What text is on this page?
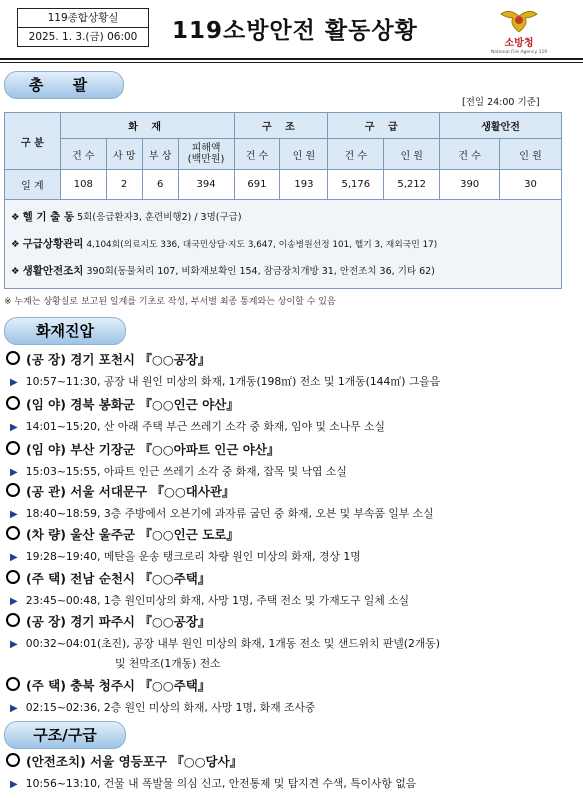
119종합상황실
2025. 1. 3.(금) 06:00	119소방안전 활동상황	소방청
National Fire Agency 119
총 괄
[전일 24:00 기준]
구 분	화 재				구 조		구 급		생활안전	
	건 수	사 망	부 상	피해액
(백만원)	건 수	인 원	건 수	인 원	건 수	인 원
일 계	108	2	6	394	691	193	5,176	5,212	390	30
❖ 헬 기 출 동 5회(응급환자3, 훈련비행2) / 3명(구급)
❖ 구급상황관리 4,104회(의료지도 336, 대국민상담·지도 3,647, 이송병원선정 101, 헬기 3, 재외국민 17)
❖ 생활안전조치 390회(동물처리 107, 비화재보확인 154, 잠금장치개방 31, 안전조치 36, 기타 62)
※ 누계는 상황실로 보고된 일계를 기초로 작성, 부서별 최종 통계와는 상이할 수 있음
화재진압
(공 장) 경기 포천시 『○○공장』
▶ 10:57~11:30, 공장 내 원인 미상의 화재, 1개동(198㎡) 전소 및 1개동(144㎡) 그을음
(임 야) 경북 봉화군 『○○인근 야산』
▶ 14:01~15:20, 산 아래 주택 부근 쓰레기 소각 중 화재, 임야 및 소나무 소실
(임 야) 부산 기장군 『○○아파트 인근 야산』
▶ 15:03~15:55, 아파트 인근 쓰레기 소각 중 화재, 잡목 및 낙엽 소실
(공 관) 서울 서대문구 『○○대사관』
▶ 18:40~18:59, 3층 주방에서 오븐기에 과자류 굽던 중 화재, 오븐 및 부속품 일부 소실
(차 량) 울산 울주군 『○○인근 도로』
▶ 19:28~19:40, 메탄올 운송 탱크로리 차량 원인 미상의 화재, 경상 1명
(주 택) 전남 순천시 『○○주택』
▶ 23:45~00:48, 1층 원인미상의 화재, 사망 1명, 주택 전소 및 가재도구 일체 소실
(공 장) 경기 파주시 『○○공장』
▶ 00:32~04:01(초진), 공장 내부 원인 미상의 화재, 1개동 전소 및 샌드위치 판넬(2개동)
및 천막조(1개동) 전소
(주 택) 충북 청주시 『○○주택』
▶ 02:15~02:36, 2층 원인 미상의 화재, 사망 1명, 화재 조사중
구조/구급
(안전조치) 서울 영등포구 『○○당사』
▶ 10:56~13:10, 건물 내 폭발물 의심 신고, 안전통제 및 탐지견 수색, 특이사항 없음
